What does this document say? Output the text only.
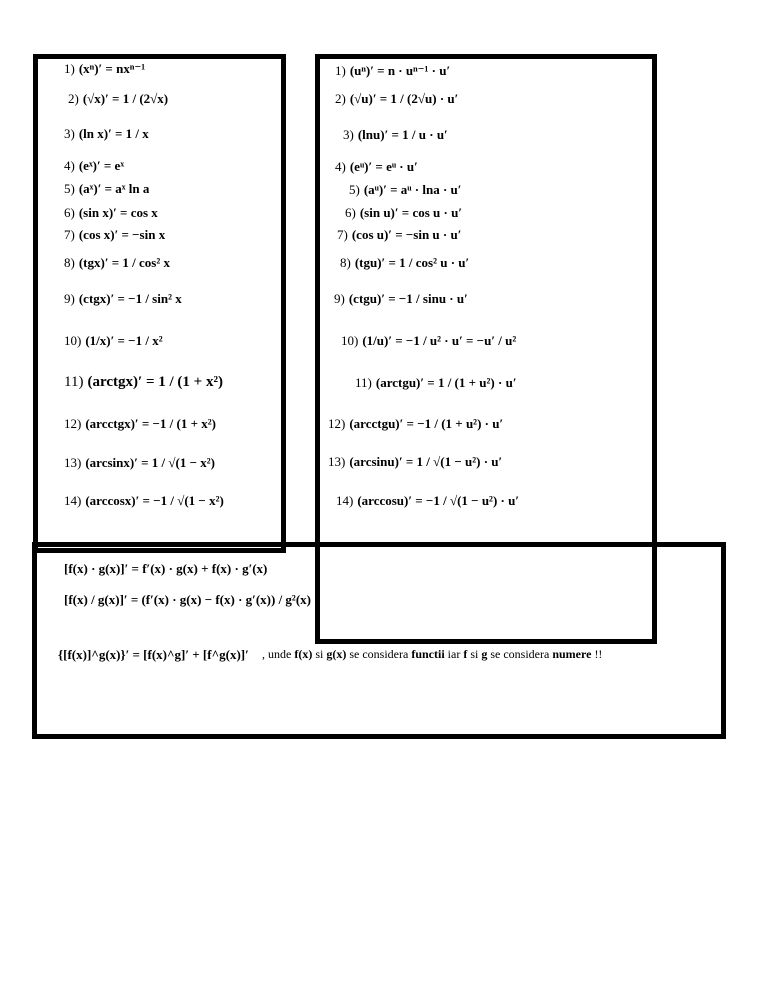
1) (xⁿ)′ = nxⁿ⁻¹
2) (√x)′ = 1 / (2√x)
3) (ln x)′ = 1 / x
4) (eˣ)′ = eˣ
5) (aˣ)′ = aˣ ln a
6) (sin x)′ = cos x
7) (cos x)′ = −sin x
8) (tgx)′ = 1 / cos² x
9) (ctgx)′ = −1 / sin² x
10) (1/x)′ = −1 / x²
11) (arctgx)′ = 1 / (1 + x²)
12) (arcctgx)′ = −1 / (1 + x²)
13) (arcsinx)′ = 1 / √(1 − x²)
14) (arccosx)′ = −1 / √(1 − x²)
1) (uⁿ)′ = n · uⁿ⁻¹ · u′
2) (√u)′ = 1 / (2√u) · u′
3) (lnu)′ = 1 / u · u′
4) (eᵘ)′ = eᵘ · u′
5) (aᵘ)′ = aᵘ · lna · u′
6) (sin u)′ = cos u · u′
7) (cos u)′ = −sin u · u′
8) (tgu)′ = 1 / cos² u · u′
9) (ctgu)′ = −1 / sinu · u′
10) (1/u)′ = −1 / u² · u′ = −u′ / u²
11) (arctgu)′ = 1 / (1 + u²) · u′
12) (arcctgu)′ = −1 / (1 + u²) · u′
13) (arcsinu)′ = 1 / √(1 − u²) · u′
14) (arccosu)′ = −1 / √(1 − u²) · u′
[f(x) · g(x)]′ = f′(x) · g(x) + f(x) · g′(x)
[f(x) / g(x)]′ = (f′(x) · g(x) − f(x) · g′(x)) / g²(x)
{[f(x)]^g(x)}′ = [f(x)^g]′ + [f^g(x)]′ , unde f(x) si g(x) se considera functii iar f si g se considera numere !!
